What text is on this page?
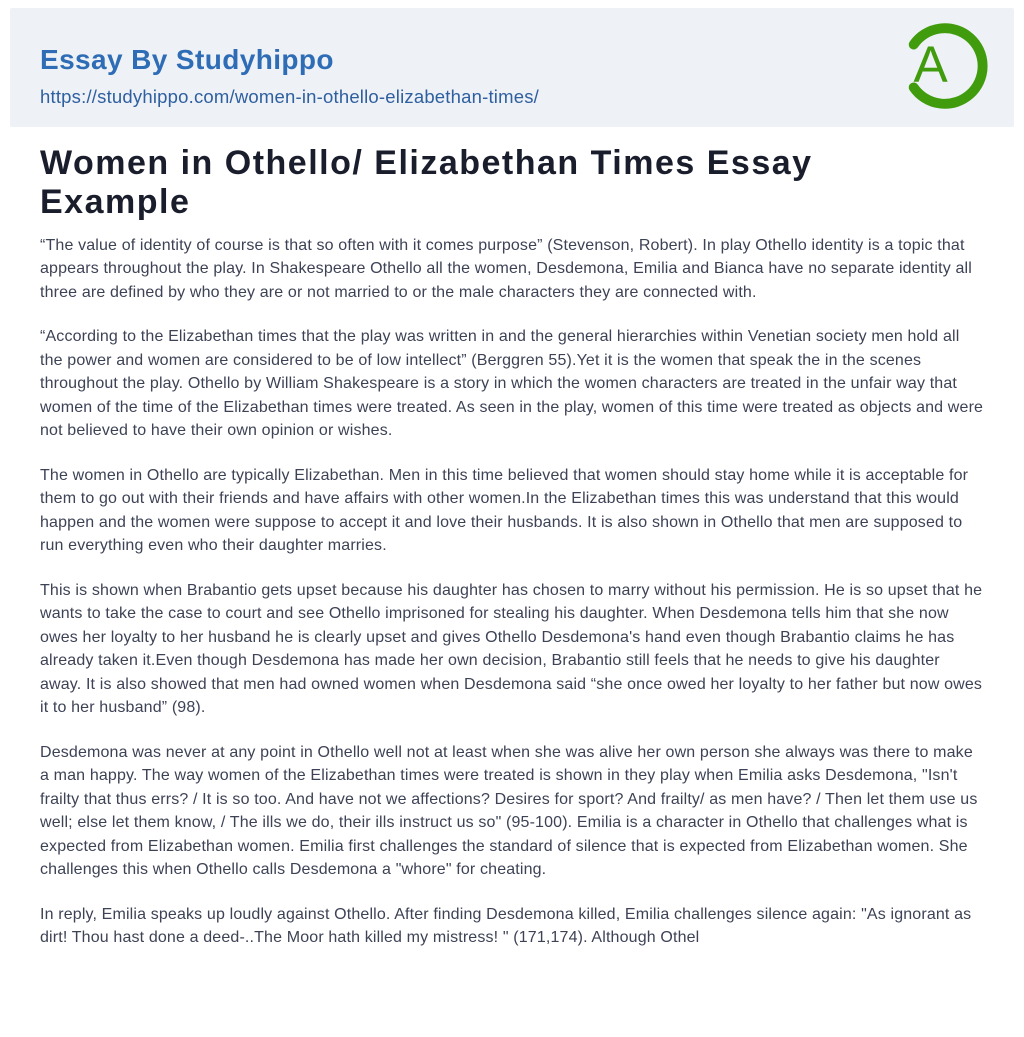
Essay By Studyhippo
https://studyhippo.com/women-in-othello-elizabethan-times/
A
Women in Othello/ Elizabethan Times Essay Example

“The value of identity of course is that so often with it comes purpose” (Stevenson, Robert). In play Othello identity is a topic that appears throughout the play. In Shakespeare Othello all the women, Desdemona, Emilia and Bianca have no separate identity all three are defined by who they are or not married to or the male characters they are connected with.

“According to the Elizabethan times that the play was written in and the general hierarchies within Venetian society men hold all the power and women are considered to be of low intellect” (Berggren 55).Yet it is the women that speak the in the scenes throughout the play. Othello by William Shakespeare is a story in which the women characters are treated in the unfair way that women of the time of the Elizabethan times were treated. As seen in the play, women of this time were treated as objects and were not believed to have their own opinion or wishes.

The women in Othello are typically Elizabethan. Men in this time believed that women should stay home while it is acceptable for them to go out with their friends and have affairs with other women.In the Elizabethan times this was understand that this would happen and the women were suppose to accept it and love their husbands. It is also shown in Othello that men are supposed to run everything even who their daughter marries.

This is shown when Brabantio gets upset because his daughter has chosen to marry without his permission. He is so upset that he wants to take the case to court and see Othello imprisoned for stealing his daughter. When Desdemona tells him that she now owes her loyalty to her husband he is clearly upset and gives Othello Desdemona's hand even though Brabantio claims he has already taken it.Even though Desdemona has made her own decision, Brabantio still feels that he needs to give his daughter away. It is also showed that men had owned women when Desdemona said “she once owed her loyalty to her father but now owes it to her husband” (98).

Desdemona was never at any point in Othello well not at least when she was alive her own person she always was there to make a man happy. The way women of the Elizabethan times were treated is shown in they play when Emilia asks Desdemona, "Isn't frailty that thus errs? / It is so too. And have not we affections? Desires for sport? And frailty/ as men have? / Then let them use us well; else let them know, / The ills we do, their ills instruct us so" (95-100). Emilia is a character in Othello that challenges what is expected from Elizabethan women. Emilia first challenges the standard of silence that is expected from Elizabethan women. She challenges this when Othello calls Desdemona a "whore" for cheating.

In reply, Emilia speaks up loudly against Othello. After finding Desdemona killed, Emilia challenges silence again: "As ignorant as dirt! Thou hast done a deed-..The Moor hath killed my mistress! " (171,174). Although Othel
